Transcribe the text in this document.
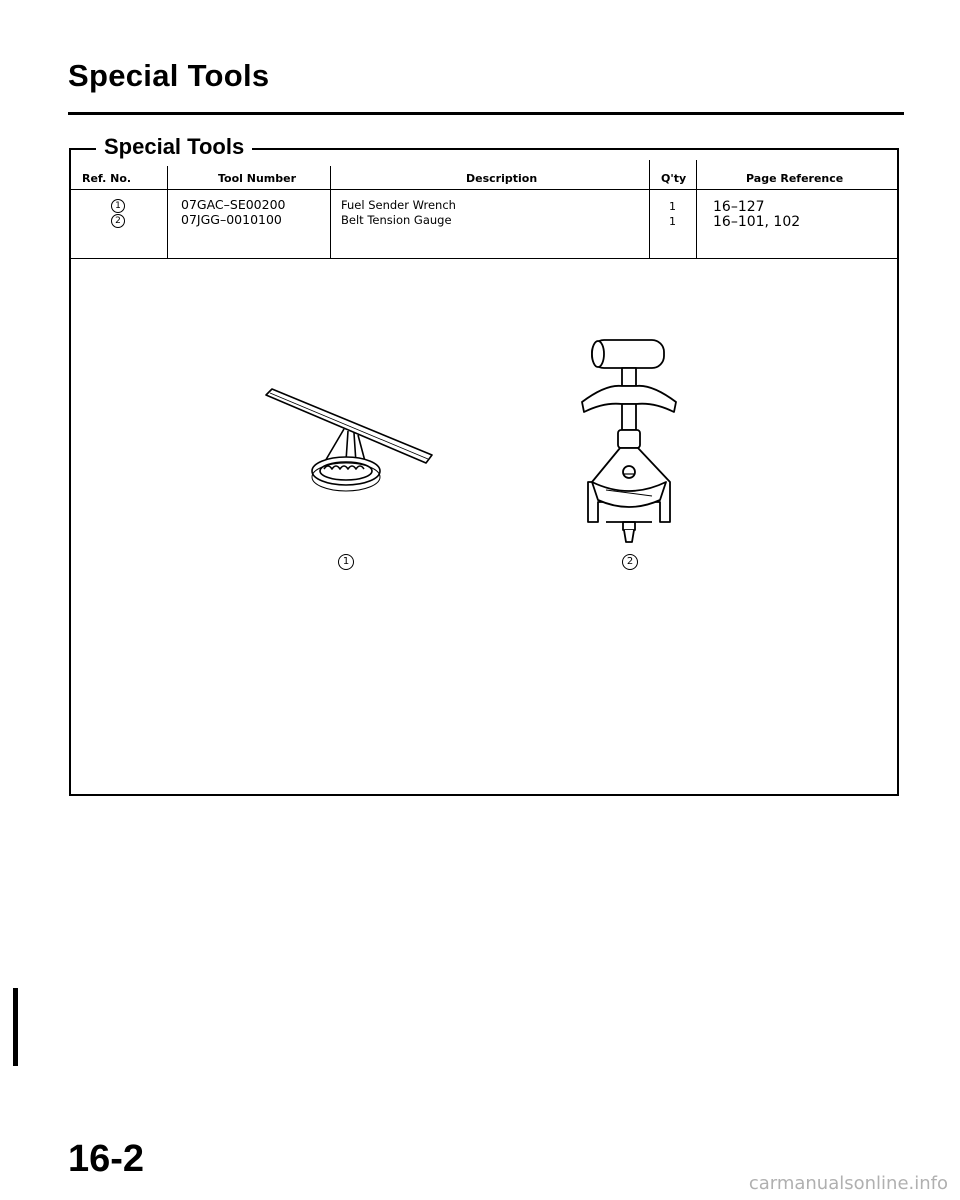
Special Tools
Special Tools
Ref. No.	Tool Number	Description	Q'ty	Page Reference
1	07GAC–SE00200	Fuel Sender Wrench	1	16–127
2	07JGG–0010100	Belt Tension Gauge	1	16–101, 102
1	2
16-2
carmanualsonline.info
